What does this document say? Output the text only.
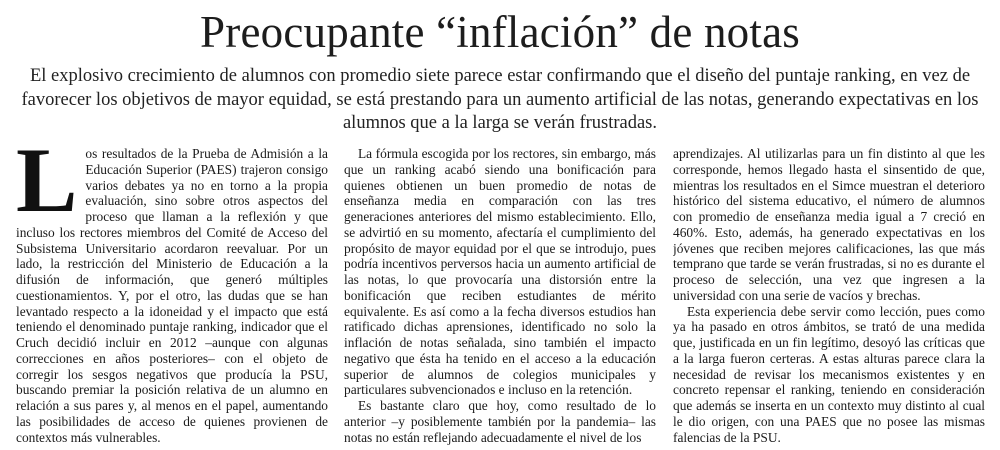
Preocupante “inflación” de notas
El explosivo crecimiento de alumnos con promedio siete parece estar confirmando que el diseño del puntaje ranking, en vez de favorecer los objetivos de mayor equidad, se está prestando para un aumento artificial de las notas, generando expectativas en los alumnos que a la larga se verán frustradas.

Los resultados de la Prueba de Admisión a la Educación Superior (PAES) trajeron consigo varios debates ya no en torno a la propia evaluación, sino sobre otros aspectos del proceso que llaman a la reflexión y que incluso los rectores miembros del Comité de Acceso del Subsistema Universitario acordaron reevaluar. Por un lado, la restricción del Ministerio de Educación a la difusión de información, que generó múltiples cuestionamientos. Y, por el otro, las dudas que se han levantado respecto a la idoneidad y el impacto que está teniendo el denominado puntaje ranking, indicador que el Cruch decidió incluir en 2012 –aunque con algunas correcciones en años posteriores– con el objeto de corregir los sesgos negativos que producía la PSU, buscando premiar la posición relativa de un alumno en relación a sus pares y, al menos en el papel, aumentando las posibilidades de acceso de quienes provienen de contextos más vulnerables.

La fórmula escogida por los rectores, sin embargo, más que un ranking acabó siendo una bonificación para quienes obtienen un buen promedio de notas de enseñanza media en comparación con las tres generaciones anteriores del mismo establecimiento. Ello, se advirtió en su momento, afectaría el cumplimiento del propósito de mayor equidad por el que se introdujo, pues podría incentivos perversos hacia un aumento artificial de las notas, lo que provocaría una distorsión entre la bonificación que reciben estudiantes de mérito equivalente. Es así como a la fecha diversos estudios han ratificado dichas aprensiones, identificado no solo la inflación de notas señalada, sino también el impacto negativo que ésta ha tenido en el acceso a la educación superior de alumnos de colegios municipales y particulares subvencionados e incluso en la retención.

Es bastante claro que hoy, como resultado de lo anterior –y posiblemente también por la pandemia– las notas no están reflejando adecuadamente el nivel de los

aprendizajes. Al utilizarlas para un fin distinto al que les corresponde, hemos llegado hasta el sinsentido de que, mientras los resultados en el Simce muestran el deterioro histórico del sistema educativo, el número de alumnos con promedio de enseñanza media igual a 7 creció en 460%. Esto, además, ha generado expectativas en los jóvenes que reciben mejores calificaciones, las que más temprano que tarde se verán frustradas, si no es durante el proceso de selección, una vez que ingresen a la universidad con una serie de vacíos y brechas.

Esta experiencia debe servir como lección, pues como ya ha pasado en otros ámbitos, se trató de una medida que, justificada en un fin legítimo, desoyó las críticas que a la larga fueron certeras. A estas alturas parece clara la necesidad de revisar los mecanismos existentes y en concreto repensar el ranking, teniendo en consideración que además se inserta en un contexto muy distinto al cual le dio origen, con una PAES que no posee las mismas falencias de la PSU.
